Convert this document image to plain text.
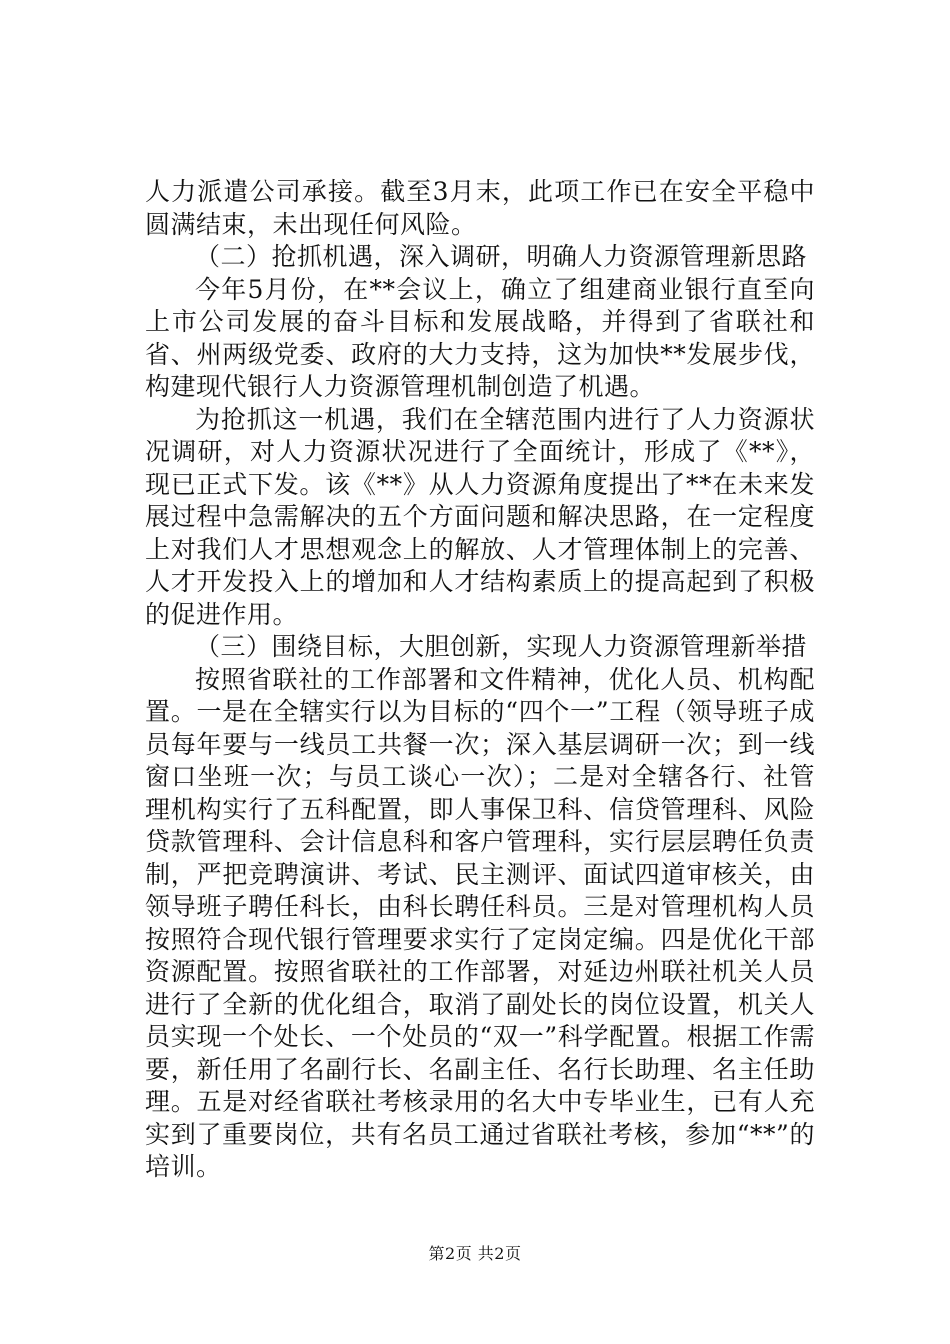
人力派遣公司承接。截至3月末，此项工作已在安全平稳中圆满结束，未出现任何风险。

（二）抢抓机遇，深入调研，明确人力资源管理新思路

今年5月份，在**会议上，确立了组建商业银行直至向上市公司发展的奋斗目标和发展战略，并得到了省联社和省、州两级党委、政府的大力支持，这为加快**发展步伐，构建现代银行人力资源管理机制创造了机遇。

为抢抓这一机遇，我们在全辖范围内进行了人力资源状况调研，对人力资源状况进行了全面统计，形成了《**》，现已正式下发。该《**》从人力资源角度提出了**在未来发展过程中急需解决的五个方面问题和解决思路，在一定程度上对我们人才思想观念上的解放、人才管理体制上的完善、人才开发投入上的增加和人才结构素质上的提高起到了积极的促进作用。

（三）围绕目标，大胆创新，实现人力资源管理新举措

按照省联社的工作部署和文件精神，优化人员、机构配置。一是在全辖实行以为目标的“四个一”工程（领导班子成员每年要与一线员工共餐一次；深入基层调研一次；到一线窗口坐班一次；与员工谈心一次）；二是对全辖各行、社管理机构实行了五科配置，即人事保卫科、信贷管理科、风险贷款管理科、会计信息科和客户管理科，实行层层聘任负责制，严把竞聘演讲、考试、民主测评、面试四道审核关，由领导班子聘任科长，由科长聘任科员。三是对管理机构人员按照符合现代银行管理要求实行了定岗定编。四是优化干部资源配置。按照省联社的工作部署，对延边州联社机关人员进行了全新的优化组合，取消了副处长的岗位设置，机关人员实现一个处长、一个处员的“双一”科学配置。根据工作需要，新任用了名副行长、名副主任、名行长助理、名主任助理。五是对经省联社考核录用的名大中专毕业生，已有人充实到了重要岗位，共有名员工通过省联社考核，参加“**”的培训。

第2页 共2页
